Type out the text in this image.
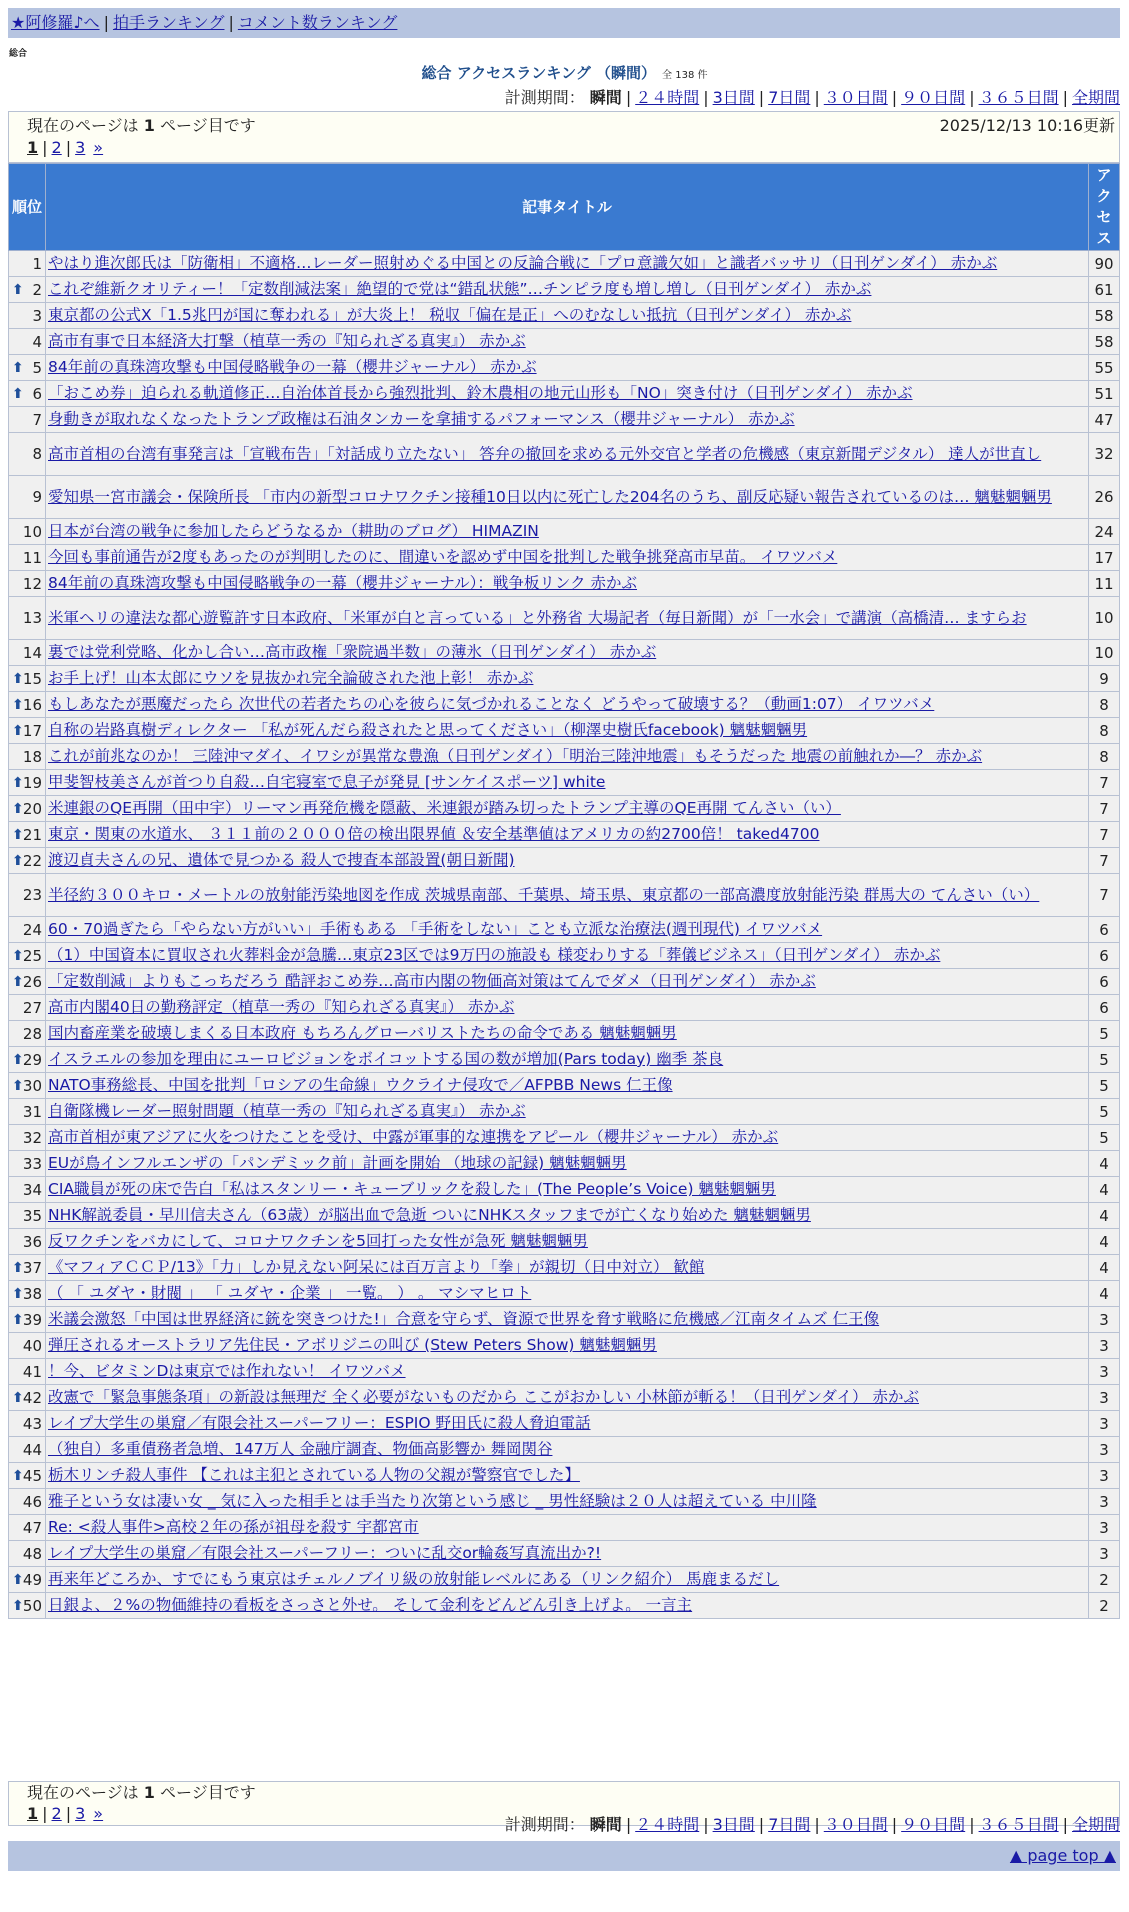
★阿修羅♪へ | 拍手ランキング | コメント数ランキング
総合
総合 アクセスランキング （瞬間） 全 138 件
計測期間： 瞬間 | ２４時間 | 3日間 | 7日間 | ３０日間 | ９０日間 | ３６５日間 | 全期間
現在のページは 1 ページ目です	2025/12/13 10:16更新
1 | 2 | 3 »
順位	記事タイトル	アクセス
1	やはり進次郎氏は「防衛相」不適格…レーダー照射めぐる中国との反論合戦に「プロ意識欠如」と識者バッサリ（日刊ゲンダイ） 赤かぶ	90

⬆ 2	これぞ維新クオリティー！「定数削減法案」絶望的で党は“錯乱状態”…チンピラ度も増し増し（日刊ゲンダイ） 赤かぶ	61
3	東京都の公式X「1.5兆円が国に奪われる」が大炎上！ 税収「偏在是正」へのむなしい抵抗（日刊ゲンダイ） 赤かぶ	58
4	高市有事で日本経済大打撃（植草一秀の『知られざる真実』） 赤かぶ	58

⬆ 5	84年前の真珠湾攻撃も中国侵略戦争の一幕（櫻井ジャーナル） 赤かぶ	55

⬆ 6	「おこめ券」迫られる軌道修正…自治体首長から強烈批判、鈴木農相の地元山形も「NO」突き付け（日刊ゲンダイ） 赤かぶ	51
7	身動きが取れなくなったトランプ政権は石油タンカーを拿捕するパフォーマンス（櫻井ジャーナル） 赤かぶ	47
8	高市首相の台湾有事発言は「宣戦布告」「対話成り立たない」 答弁の撤回を求める元外交官と学者の危機感（東京新聞デジタル） 達人が世直し	32
9	愛知県一宮市議会・保険所長 「市内の新型コロナワクチン接種10日以内に死亡した204名のうち、副反応疑い報告されているのは… 魑魅魍魎男	26
10	日本が台湾の戦争に参加したらどうなるか（耕助のブログ） HIMAZIN	24
11	今回も事前通告が2度もあったのが判明したのに、間違いを認めず中国を批判した戦争挑発高市早苗。 イワツバメ	17
12	84年前の真珠湾攻撃も中国侵略戦争の一幕（櫻井ジャーナル）：戦争板リンク 赤かぶ	11
13	米軍ヘリの違法な都心遊覧許す日本政府、「米軍が白と言っている」と外務省 大場記者（毎日新聞）が「一水会」で講演（高橋清… ますらお	10
14	裏では党利党略、化かし合い…高市政権「衆院過半数」の薄氷（日刊ゲンダイ） 赤かぶ	10

⬆ 15	お手上げ！山本太郎にウソを見抜かれ完全論破された池上彰！ 赤かぶ	9

⬆ 16	もしあなたが悪魔だったら 次世代の若者たちの心を彼らに気づかれることなく どうやって破壊する？（動画1:07） イワツバメ	8

⬆ 17	自称の岩路真樹ディレクター 「私が死んだら殺されたと思ってください」（柳澤史樹氏facebook) 魑魅魍魎男	8
18	これが前兆なのか！ 三陸沖マダイ、イワシが異常な豊漁（日刊ゲンダイ）「明治三陸沖地震」もそうだった 地震の前触れか―？ 赤かぶ	8

⬆ 19	甲斐智枝美さんが首つり自殺…自宅寝室で息子が発見 [サンケイスポーツ] white	7

⬆ 20	米連銀のQE再開（田中宇）リーマン再発危機を隠蔽、米連銀が踏み切ったトランプ主導のQE再開 てんさい（い）	7

⬆ 21	東京・関東の水道水、 ３１１前の２０００倍の検出限界値 ＆安全基準値はアメリカの約2700倍！ taked4700	7

⬆ 22	渡辺貞夫さんの兄、遺体で見つかる 殺人で捜査本部設置(朝日新聞)	7
23	半径約３００キロ・メートルの放射能汚染地図を作成 茨城県南部、千葉県、埼玉県、東京都の一部高濃度放射能汚染 群馬大の てんさい（い）	7
24	60・70過ぎたら「やらない方がいい」手術もある 「手術をしない」ことも立派な治療法(週刊現代) イワツバメ	6

⬆ 25	（1）中国資本に買収され火葬料金が急騰…東京23区では9万円の施設も 様変わりする「葬儀ビジネス」（日刊ゲンダイ） 赤かぶ	6

⬆ 26	「定数削減」よりもこっちだろう 酷評おこめ券…高市内閣の物価高対策はてんでダメ（日刊ゲンダイ） 赤かぶ	6
27	高市内閣40日の勤務評定（植草一秀の『知られざる真実』） 赤かぶ	6
28	国内畜産業を破壊しまくる日本政府 もちろんグローバリストたちの命令である 魑魅魍魎男	5

⬆ 29	イスラエルの参加を理由にユーロビジョンをボイコットする国の数が増加(Pars today) 幽季 茶良	5

⬆ 30	NATO事務総長、中国を批判「ロシアの生命線」ウクライナ侵攻で／AFPBB News 仁王像	5
31	自衛隊機レーダー照射問題（植草一秀の『知られざる真実』） 赤かぶ	5
32	高市首相が東アジアに火をつけたことを受け、中露が軍事的な連携をアピール（櫻井ジャーナル） 赤かぶ	5
33	EUが鳥インフルエンザの「パンデミック前」計画を開始 （地球の記録) 魑魅魍魎男	4
34	CIA職員が死の床で告白「私はスタンリー・キューブリックを殺した」(The People’s Voice) 魑魅魍魎男	4
35	NHK解説委員・早川信夫さん（63歳）が脳出血で急逝 ついにNHKスタッフまでが亡くなり始めた 魑魅魍魎男	4
36	反ワクチンをバカにして、コロナワクチンを5回打った女性が急死 魑魅魍魎男	4

⬆ 37	《マフィアＣＣＰ/13》「力」しか見えない阿呆には百万言より「拳」が親切（日中対立） 歓館	4

⬆ 38	（ 「 ユダヤ・財閥 」 「 ユダヤ・企業 」 一覧。 ） 。 マシマヒロト	4

⬆ 39	米議会激怒「中国は世界経済に銃を突きつけた!」合意を守らず、資源で世界を脅す戦略に危機感／江南タイムズ 仁王像	3
40	弾圧されるオーストラリア先住民・アボリジニの叫び (Stew Peters Show) 魑魅魍魎男	3
41	！今、ビタミンDは東京では作れない！ イワツバメ	3

⬆ 42	改憲で「緊急事態条項」の新設は無理だ 全く必要がないものだから ここがおかしい 小林節が斬る！（日刊ゲンダイ） 赤かぶ	3
43	レイプ大学生の巣窟／有限会社スーパーフリー：ESPIO 野田氏に殺人脅迫電話	3
44	（独自）多重債務者急増、147万人 金融庁調査、物価高影響か 舞岡関谷	3

⬆ 45	栃木リンチ殺人事件 【これは主犯とされている人物の父親が警察官でした】	3
46	雅子という女は凄い女 _ 気に入った相手とは手当たり次第という感じ _ 男性経験は２０人は超えている 中川隆	3
47	Re: <殺人事件>高校２年の孫が祖母を殺す 宇都宮市	3
48	レイプ大学生の巣窟／有限会社スーパーフリー：ついに乱交or輪姦写真流出か?!	3

⬆ 49	再来年どころか、すでにもう東京はチェルノブイリ級の放射能レベルにある（リンク紹介） 馬鹿まるだし	2

⬆ 50	日銀よ、２%の物価維持の看板をさっさと外せ。 そして金利をどんどん引き上げよ。 一言主	2
現在のページは 1 ページ目です
1 | 2 | 3 »
計測期間： 瞬間 | ２４時間 | 3日間 | 7日間 | ３０日間 | ９０日間 | ３６５日間 | 全期間
▲ page top ▲
